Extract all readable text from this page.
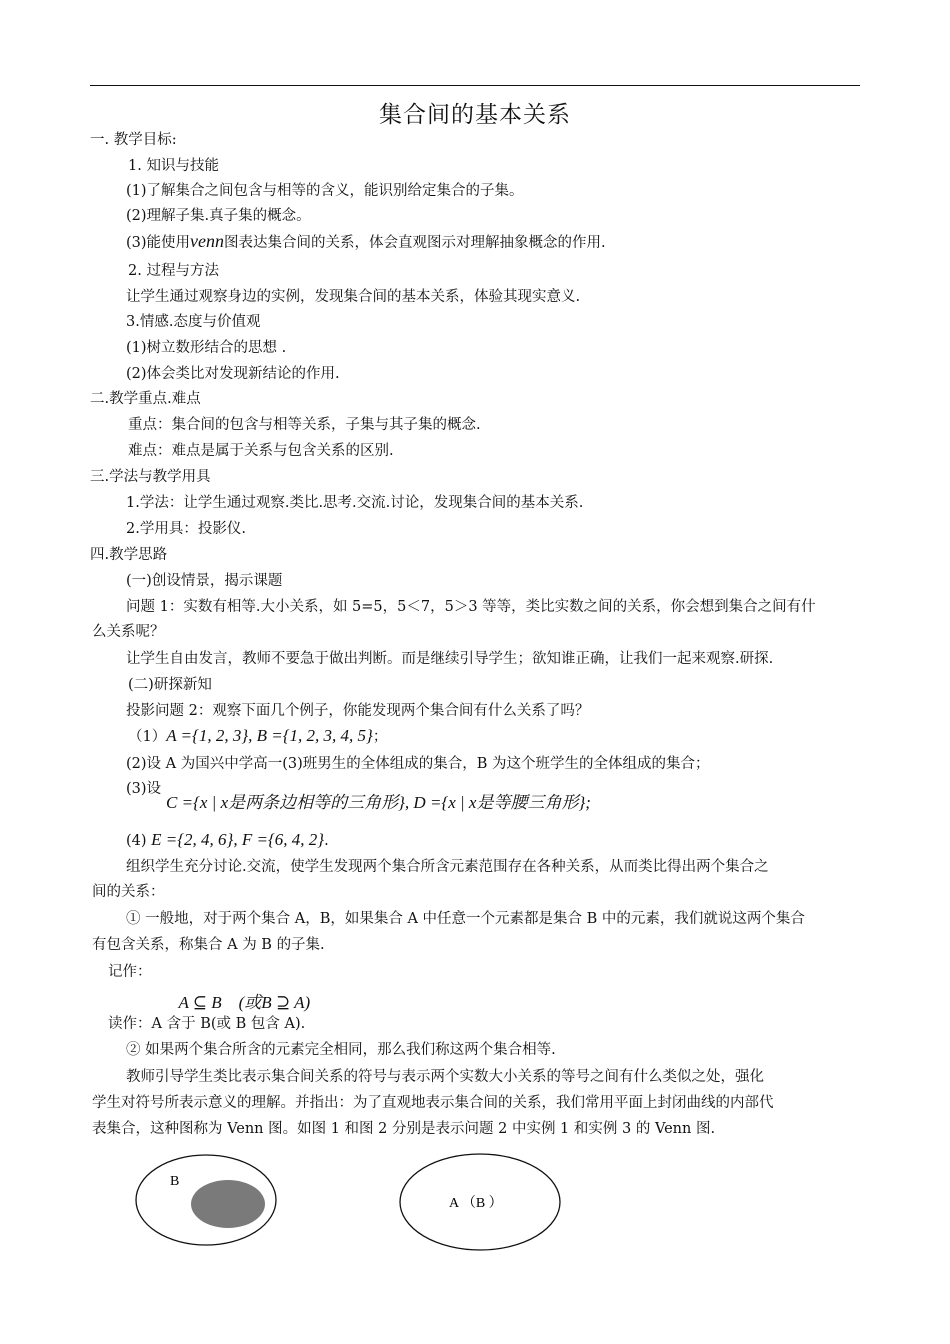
集合间的基本关系
一. 教学目标:
1. 知识与技能
(1)了解集合之间包含与相等的含义，能识别给定集合的子集。
(2)理解子集.真子集的概念。
(3)能使用venn图表达集合间的关系，体会直观图示对理解抽象概念的作用.
2. 过程与方法
让学生通过观察身边的实例，发现集合间的基本关系，体验其现实意义.
3.情感.态度与价值观
(1)树立数形结合的思想 .
(2)体会类比对发现新结论的作用.
二.教学重点.难点
重点：集合间的包含与相等关系，子集与其子集的概念.
难点：难点是属于关系与包含关系的区别.
三.学法与教学用具
1.学法：让学生通过观察.类比.思考.交流.讨论，发现集合间的基本关系.
2.学用具：投影仪.
四.教学思路
(一)创设情景，揭示课题
问题 1：实数有相等.大小关系，如 5=5，5＜7，5＞3 等等，类比实数之间的关系，你会想到集合之间有什
么关系呢？
让学生自由发言，教师不要急于做出判断。而是继续引导学生；欲知谁正确，让我们一起来观察.研探.
(二)研探新知
投影问题 2：观察下面几个例子，你能发现两个集合间有什么关系了吗？
（1）A ={1, 2, 3}, B ={1, 2, 3, 4, 5}；
(2)设 A 为国兴中学高一(3)班男生的全体组成的集合，B 为这个班学生的全体组成的集合；
(3)设
C ={x | x是两条边相等的三角形}, D ={x | x是等腰三角形};
(4) E ={2, 4, 6}, F ={6, 4, 2}.
组织学生充分讨论.交流，使学生发现两个集合所含元素范围存在各种关系，从而类比得出两个集合之
间的关系：
① 一般地，对于两个集合 A，B，如果集合 A 中任意一个元素都是集合 B 中的元素，我们就说这两个集合
有包含关系，称集合 A 为 B 的子集.
记作：

A ⊆ B    (或B ⊇ A)

读作：A 含于 B(或 B 包含 A).
② 如果两个集合所含的元素完全相同，那么我们称这两个集合相等.
教师引导学生类比表示集合间关系的符号与表示两个实数大小关系的等号之间有什么类似之处，强化
学生对符号所表示意义的理解。并指出：为了直观地表示集合间的关系，我们常用平面上封闭曲线的内部代
表集合，这种图称为 Venn 图。如图 1 和图 2 分别是表示问题 2 中实例 1 和实例 3 的 Venn 图.
B
A （B ）
